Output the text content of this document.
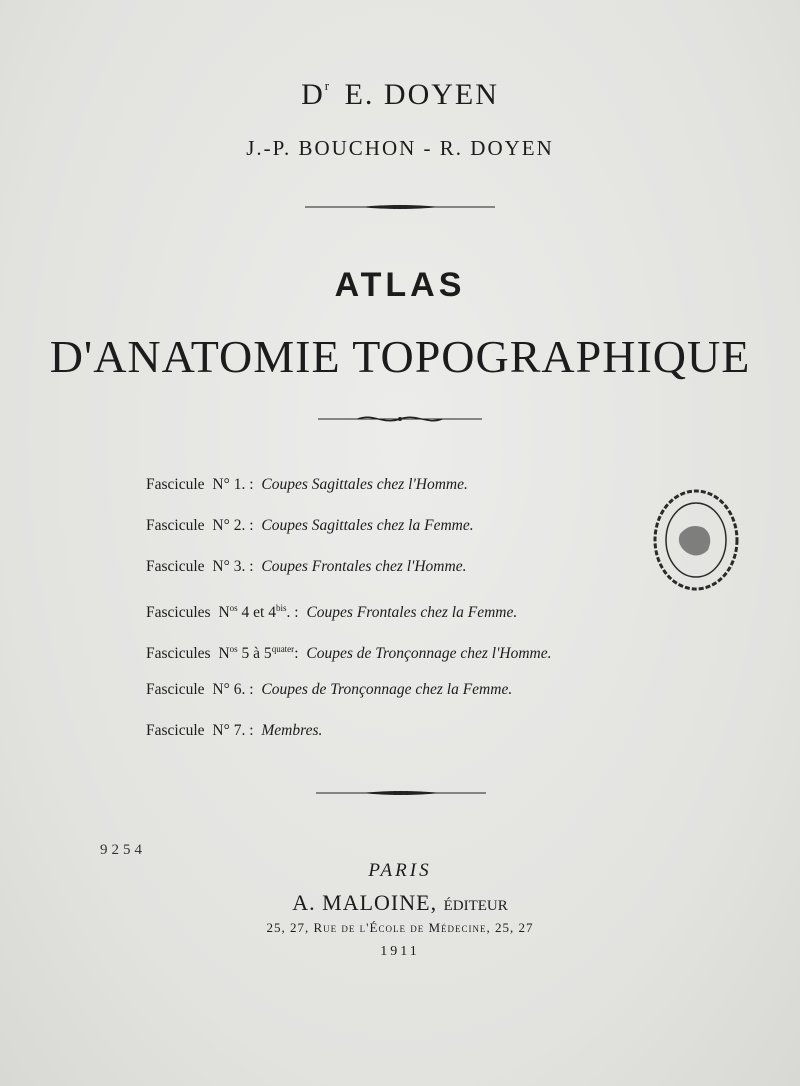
$D^r$ E. DOYEN
J.-P. BOUCHON - R. DOYEN
ATLAS
D'ANATOMIE TOPOGRAPHIQUE
Fascicule N° 1. : Coupes Sagittales chez l'Homme.
Fascicule N° 2. : Coupes Sagittales chez la Femme.
Fascicule N° 3. : Coupes Frontales chez l'Homme.
Fascicules $N^{os}$ 4 et $4^{bis}$. : Coupes Frontales chez la Femme.
Fascicules $N^{os}$ 5 à $5^{quater}$: Coupes de Tronçonnage chez l'Homme.
Fascicule N° 6. : Coupes de Tronçonnage chez la Femme.
Fascicule N° 7. : Membres.
9254
PARIS
A. MALOINE, ÉDITEUR
25, 27, Rue de l'École de Médecine, 25, 27
1911
